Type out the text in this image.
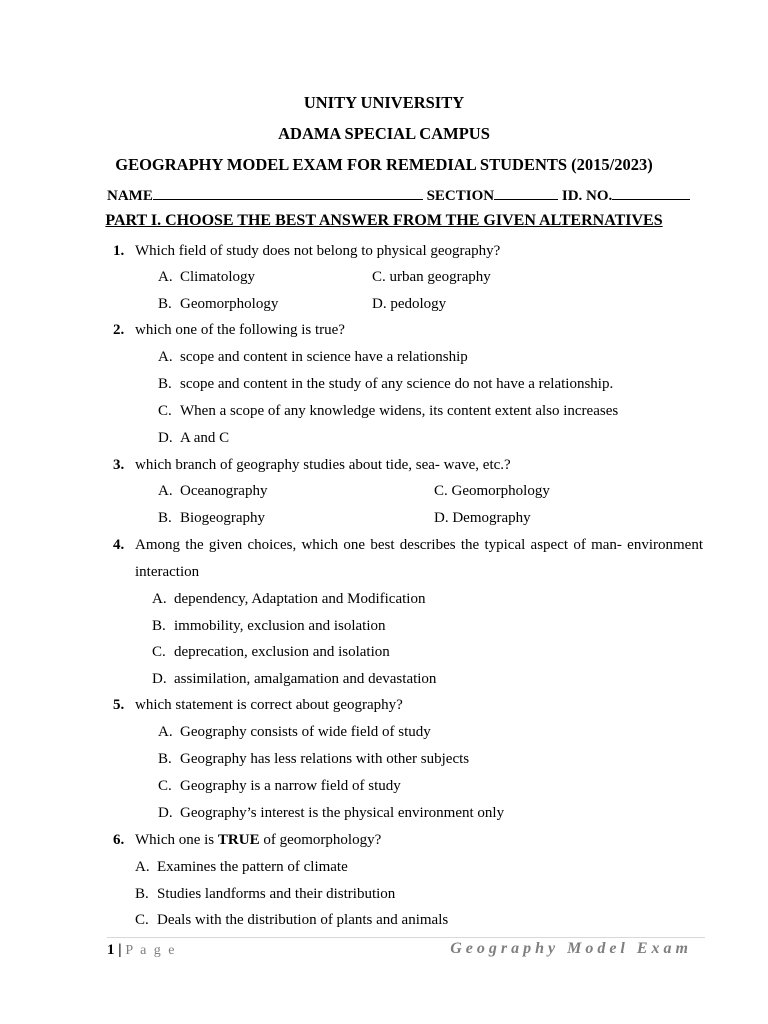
UNITY UNIVERSITY
ADAMA SPECIAL CAMPUS
GEOGRAPHY MODEL EXAM FOR REMEDIAL STUDENTS (2015/2023)
NAME	SECTION	ID. NO.
PART I. CHOOSE THE BEST ANSWER FROM THE GIVEN ALTERNATIVES
1. Which field of study does not belong to physical geography?
A. Climatology	C. urban geography
B. Geomorphology	D. pedology
2. which one of the following is true?
A. scope and content in science have a relationship
B. scope and content in the study of any science do not have a relationship.
C. When a scope of any knowledge widens, its content extent also increases
D. A and C
3. which branch of geography studies about tide, sea- wave, etc.?
A. Oceanography	C. Geomorphology
B. Biogeography	D. Demography
4. Among the given choices, which one best describes the typical aspect of man- environment
interaction
A. dependency, Adaptation and Modification
B. immobility, exclusion and isolation
C. deprecation, exclusion and isolation
D. assimilation, amalgamation and devastation
5. which statement is correct about geography?
A. Geography consists of wide field of study
B. Geography has less relations with other subjects
C. Geography is a narrow field of study
D. Geography’s interest is the physical environment only
6. Which one is TRUE of geomorphology?
A. Examines the pattern of climate
B. Studies landforms and their distribution
C. Deals with the distribution of plants and animals
1 | P a g e	Geography Model Exam
